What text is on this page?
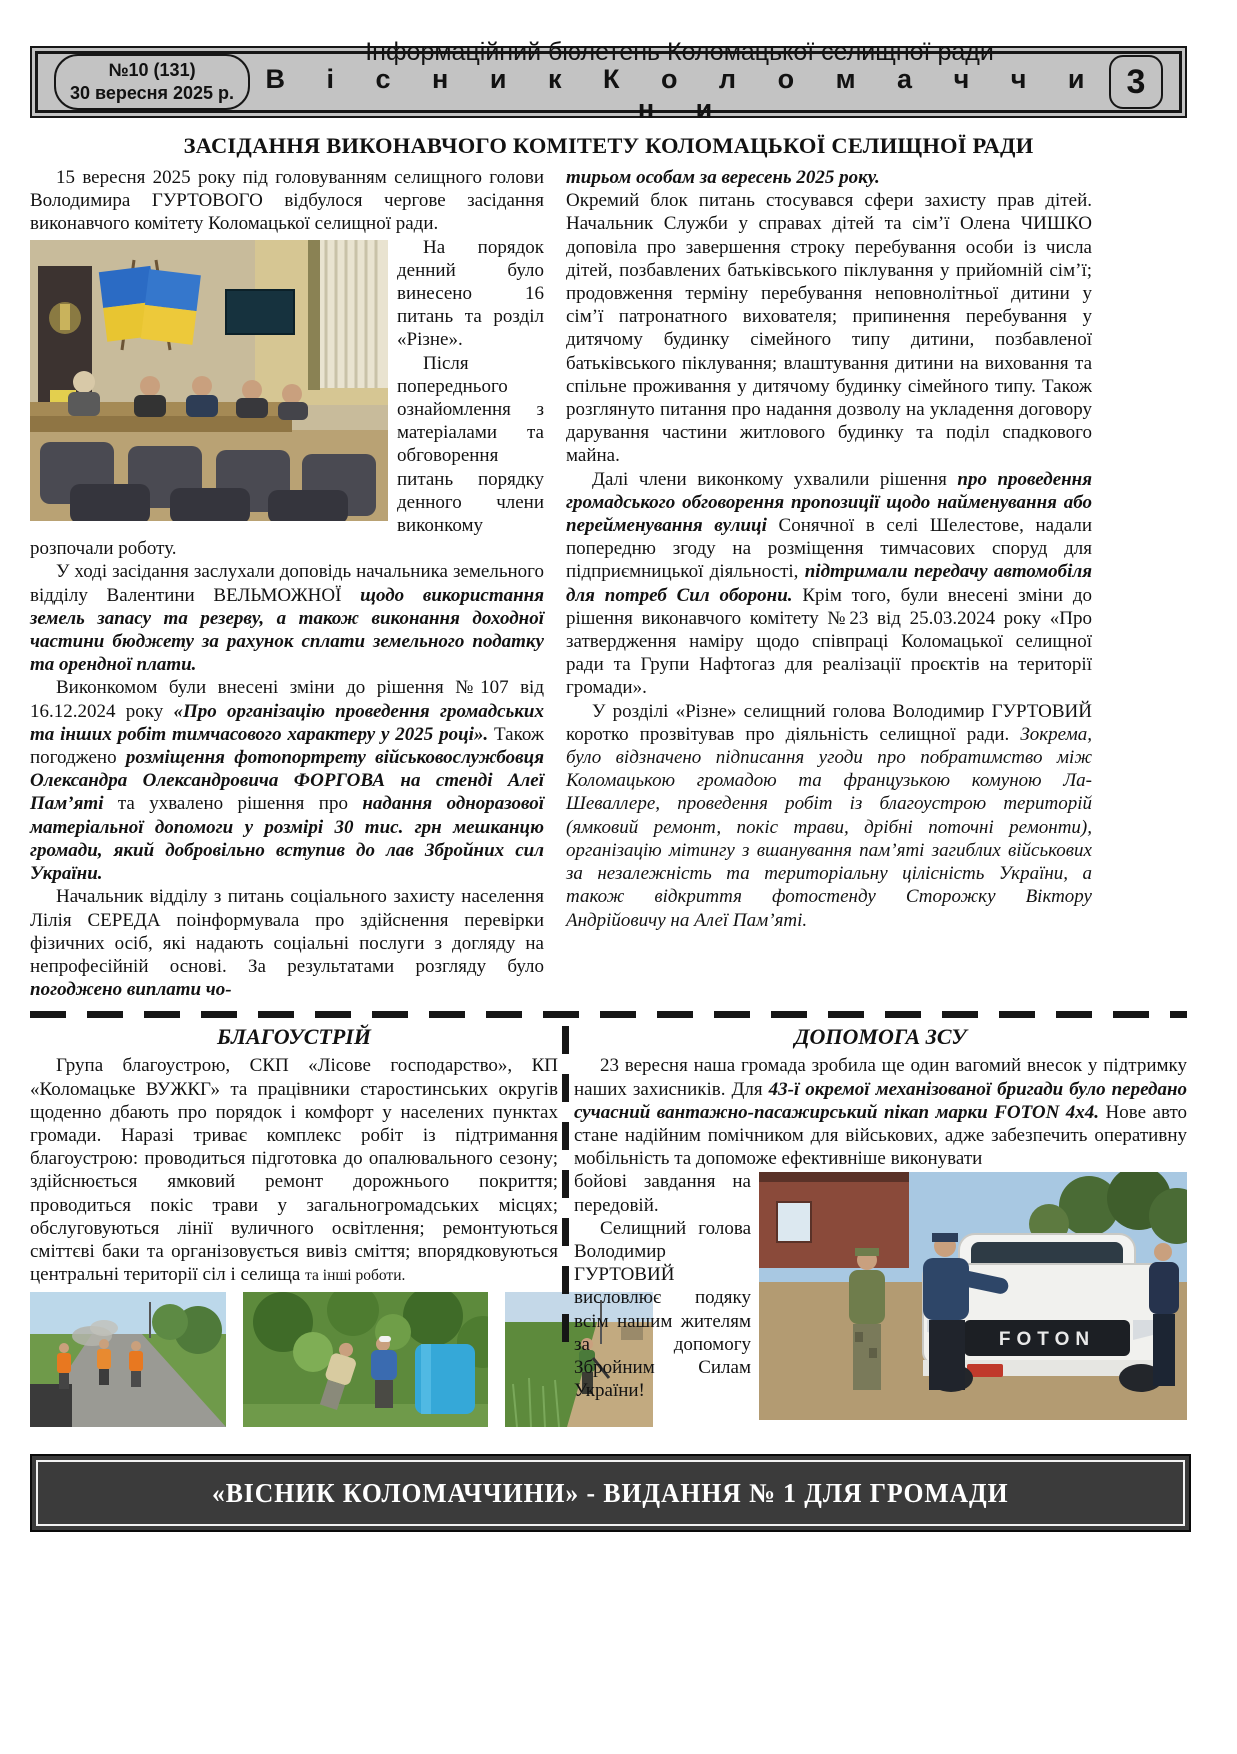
№10 (131)
30 вересня 2025 р.
Інформаційний бюлетень Коломацької селищної ради
В і с н и к К о л о м а ч ч и н и
3
ЗАСІДАННЯ ВИКОНАВЧОГО КОМІТЕТУ КОЛОМАЦЬКОЇ СЕЛИЩНОЇ РАДИ

15 вересня 2025 року під головуванням селищного голови Володимира ГУРТОВОГО відбулося чергове засідання виконавчого комітету Коломацької селищної ради.

На порядок денний було винесено 16 питань та розділ «Різне».

Після попереднього ознайомлення з матеріалами та обговорення питань порядку денного члени виконкому розпочали роботу.

У ході засідання заслухали доповідь начальника земельного відділу Валентини ВЕЛЬМОЖНОЇ щодо використання земель запасу та резерву, а також виконання доходної частини бюджету за рахунок сплати земельного податку та орендної плати.

Виконкомом були внесені зміни до рішення №107 від 16.12.2024 року «Про організацію проведення громадських та інших робіт тимчасового характеру у 2025 році». Також погоджено розміщення фотопортрету військовослужбовця Олександра Олександровича ФОРГОВА на стенді Алеї Пам’яті та ухвалено рішення про надання одноразової матеріальної допомоги у розмірі 30 тис. грн мешканцю громади, який добровільно вступив до лав Збройних сил України.

Начальник відділу з питань соціального захисту населення Лілія СЕРЕДА поінформувала про здійснення перевірки фізичних осіб, які надають соціальні послуги з догляду на непрофесійній основі. За результатами розгляду було погоджено виплати чо-

тирьом особам за вересень 2025 року.

Окремий блок питань стосувався сфери захисту прав дітей. Начальник Служби у справах дітей та сім’ї Олена ЧИШКО доповіла про завершення строку перебування особи із числа дітей, позбавлених батьківського піклування у прийомній сім’ї; продовження терміну перебування неповнолітньої дитини у сім’ї патронатного вихователя; припинення перебування у дитячому будинку сімейного типу дитини, позбавленої батьківського піклування; влаштування дитини на виховання та спільне проживання у дитячому будинку сімейного типу. Також розглянуто питання про надання дозволу на укладення договору дарування частини житлового будинку та поділ спадкового майна.

Далі члени виконкому ухвалили рішення про проведення громадського обговорення пропозиції щодо найменування або перейменування вулиці Сонячної в селі Шелестове, надали попередню згоду на розміщення тимчасових споруд для підприємницької діяльності, підтримали передачу автомобіля для потреб Сил оборони. Крім того, були внесені зміни до рішення виконавчого комітету №23 від 25.03.2024 року «Про затвердження наміру щодо співпраці Коломацької селищної ради та Групи Нафтогаз для реалізації проєктів на території громади».

У розділі «Різне» селищний голова Володимир ГУРТОВИЙ коротко прозвітував про діяльність селищної ради. Зокрема, було відзначено підписання угоди про побратимство між Коломацькою громадою та французькою комуною Ла-Шеваллере, проведення робіт із благоустрою територій (ямковий ремонт, покіс трави, дрібні поточні ремонти), організацію мітингу з вшанування пам’яті загиблих військових за незалежність та територіальну цілісність України, а також відкриття фотостенду Сторожку Віктору Андрійовичу на Алеї Пам’яті.

БЛАГОУСТРІЙ

Група благоустрою, СКП «Лісове господарство», КП «Коломацьке ВУЖКГ» та працівники старостинських округів щоденно дбають про порядок і комфорт у населених пунктах громади. Наразі триває комплекс робіт із підтримання благоустрою: проводиться підготовка до опалювального сезону; здійснюється ямковий ремонт дорожнього покриття; проводиться покіс трави у загальногромадських місцях; обслуговуються лінії вуличного освітлення; ремонтуються сміттєві баки та організовується вивіз сміття; впорядковуються центральні території сіл і селища та інші роботи.

ДОПОМОГА ЗСУ

23 вересня наша громада зробила ще один вагомий внесок у підтримку наших захисників. Для 43-ї окремої механізованої бригади було передано сучасний вантажно-пасажирський пікап марки FOTON 4x4. Нове авто стане надійним помічником для військових, адже забезпечить оперативну мобільність та допоможе ефективніше виконувати

FOTON

бойові завдання на передовій.

Селищний голова Володимир ГУРТОВИЙ висловлює подяку всім нашим жителям за допомогу Збройним Силам України!

«ВІСНИК КОЛОМАЧЧИНИ» - ВИДАННЯ № 1 ДЛЯ ГРОМАДИ
